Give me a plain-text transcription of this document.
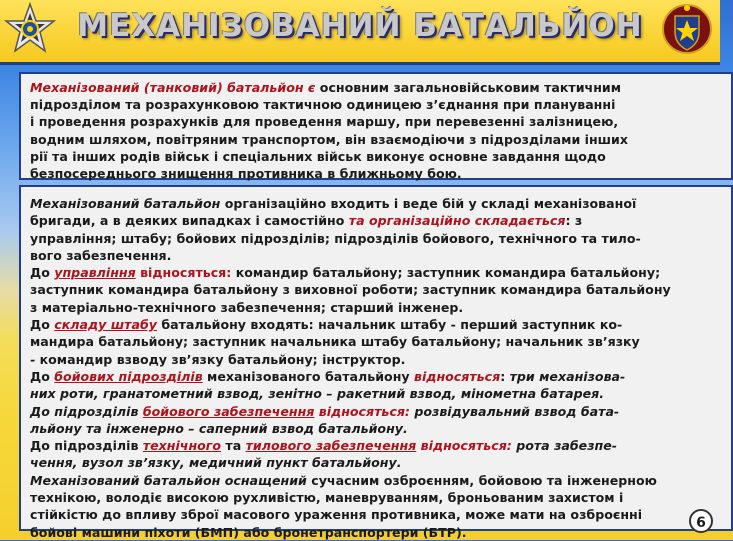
МЕХАНІЗОВАНИЙ БАТАЛЬЙОН
Механізований (танковий) батальйон є основним загальновійськовим тактичним
підрозділом та розрахунковою тактичною одиницею з’єднання при плануванні
і проведення розрахунків для проведення маршу, при перевезенні залізницею,
водним шляхом, повітряним транспортом, він взаємодіючи з підрозділами інших
рії та інших родів військ і спеціальних військ виконує основне завдання щодо
безпосереднього знищення противника в ближньому бою.
Механізований батальйон організаційно входить і веде бій у складі механізованої
бригади, а в деяких випадках і самостійно та організаційно складається: з
управління; штабу; бойових підрозділів; підрозділів бойового, технічного та тило-
вого забезпечення.
До управління відносяться: командир батальйону; заступник командира батальйону;
заступник командира батальйону з виховної роботи; заступник командира батальйону
з матеріально-технічного забезпечення; старший інженер.
До складу штабу батальйону входять: начальник штабу - перший заступник ко-
мандира батальйону; заступник начальника штабу батальйону; начальник зв’язку
- командир взводу зв’язку батальйону; інструктор.
До бойових підрозділів механізованого батальйону відносяться: три механізова-
них роти, гранатометний взвод, зенітно – ракетний взвод, мінометна батарея.
До підрозділів бойового забезпечення відносяться: розвідувальний взвод бата-
льйону та інженерно – саперний взвод батальйону.
До підрозділів технічного та тилового забезпечення відносяться: рота забезпе-
чення, вузол зв’язку, медичний пункт батальйону.
Механізований батальйон оснащений сучасним озброєнням, бойовою та інженерною
технікою, володіє високою рухливістю, маневруванням, броньованим захистом і
стійкістю до впливу зброї масового ураження противника, може мати на озброєнні
бойові машини піхоти (БМП) або бронетранспортери (БТР).
6
